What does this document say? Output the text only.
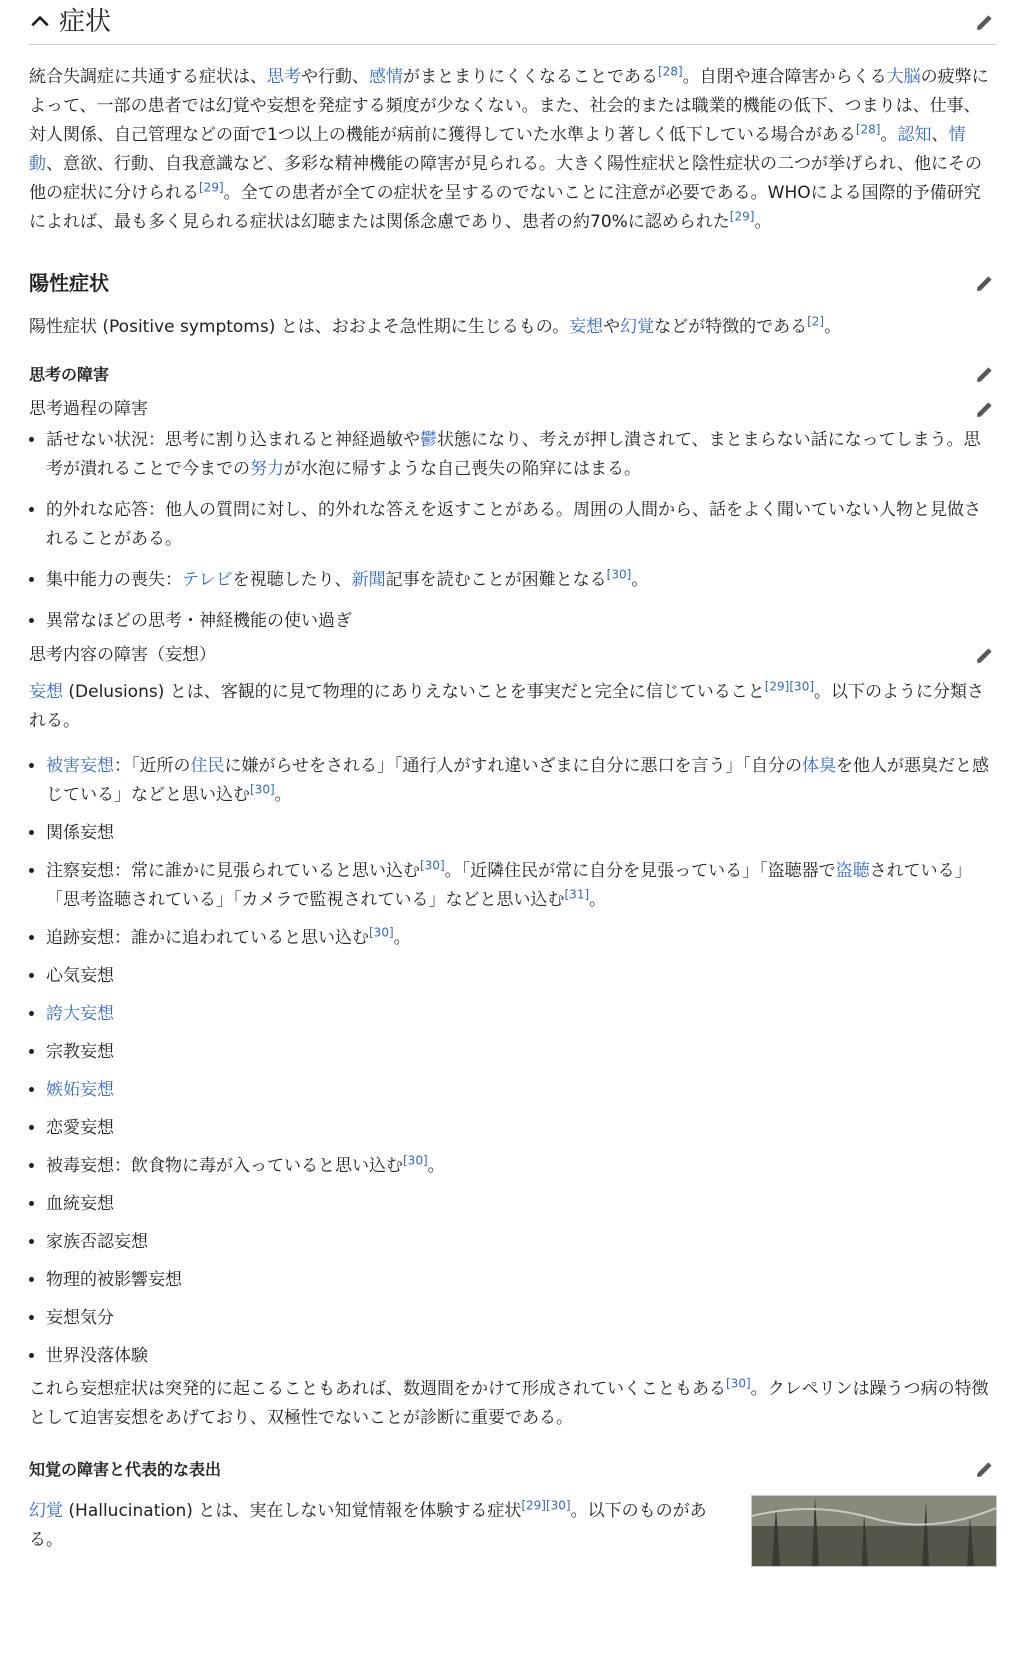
症状

統合失調症に共通する症状は、思考や行動、感情がまとまりにくくなることである[28]。自閉や連合障害からくる大脳の疲弊によって、一部の患者では幻覚や妄想を発症する頻度が少なくない。また、社会的または職業的機能の低下、つまりは、仕事、対人関係、自己管理などの面で1つ以上の機能が病前に獲得していた水準より著しく低下している場合がある[28]。認知、情動、意欲、行動、自我意識など、多彩な精神機能の障害が見られる。大きく陽性症状と陰性症状の二つが挙げられ、他にその他の症状に分けられる[29]。全ての患者が全ての症状を呈するのでないことに注意が必要である。WHOによる国際的予備研究によれば、最も多く見られる症状は幻聴または関係念慮であり、患者の約70%に認められた[29]。

陽性症状

陽性症状 (Positive symptoms) とは、おおよそ急性期に生じるもの。妄想や幻覚などが特徴的である[2]。

思考の障害
思考過程の障害
• 話せない状況：思考に割り込まれると神経過敏や鬱状態になり、考えが押し潰されて、まとまらない話になってしまう。思考が潰れることで今までの努力が水泡に帰すような自己喪失の陥穽にはまる。
• 的外れな応答：他人の質問に対し、的外れな答えを返すことがある。周囲の人間から、話をよく聞いていない人物と見做されることがある。
• 集中能力の喪失：テレビを視聴したり、新聞記事を読むことが困難となる[30]。
• 異常なほどの思考・神経機能の使い過ぎ
思考内容の障害（妄想）

妄想 (Delusions) とは、客観的に見て物理的にありえないことを事実だと完全に信じていること[29][30]。以下のように分類される。

• 被害妄想：「近所の住民に嫌がらせをされる」「通行人がすれ違いざまに自分に悪口を言う」「自分の体臭を他人が悪臭だと感じている」などと思い込む[30]。
• 関係妄想
• 注察妄想：常に誰かに見張られていると思い込む[30]。「近隣住民が常に自分を見張っている」「盗聴器で盗聴されている」「思考盗聴されている」「カメラで監視されている」などと思い込む[31]。
• 追跡妄想：誰かに追われていると思い込む[30]。
• 心気妄想
• 誇大妄想
• 宗教妄想
• 嫉妬妄想
• 恋愛妄想
• 被毒妄想：飲食物に毒が入っていると思い込む[30]。
• 血統妄想
• 家族否認妄想
• 物理的被影響妄想
• 妄想気分
• 世界没落体験

これら妄想症状は突発的に起こることもあれば、数週間をかけて形成されていくこともある[30]。クレペリンは躁うつ病の特徴として迫害妄想をあげており、双極性でないことが診断に重要である。

知覚の障害と代表的な表出

幻覚 (Hallucination) とは、実在しない知覚情報を体験する症状[29][30]。以下のものがある。
